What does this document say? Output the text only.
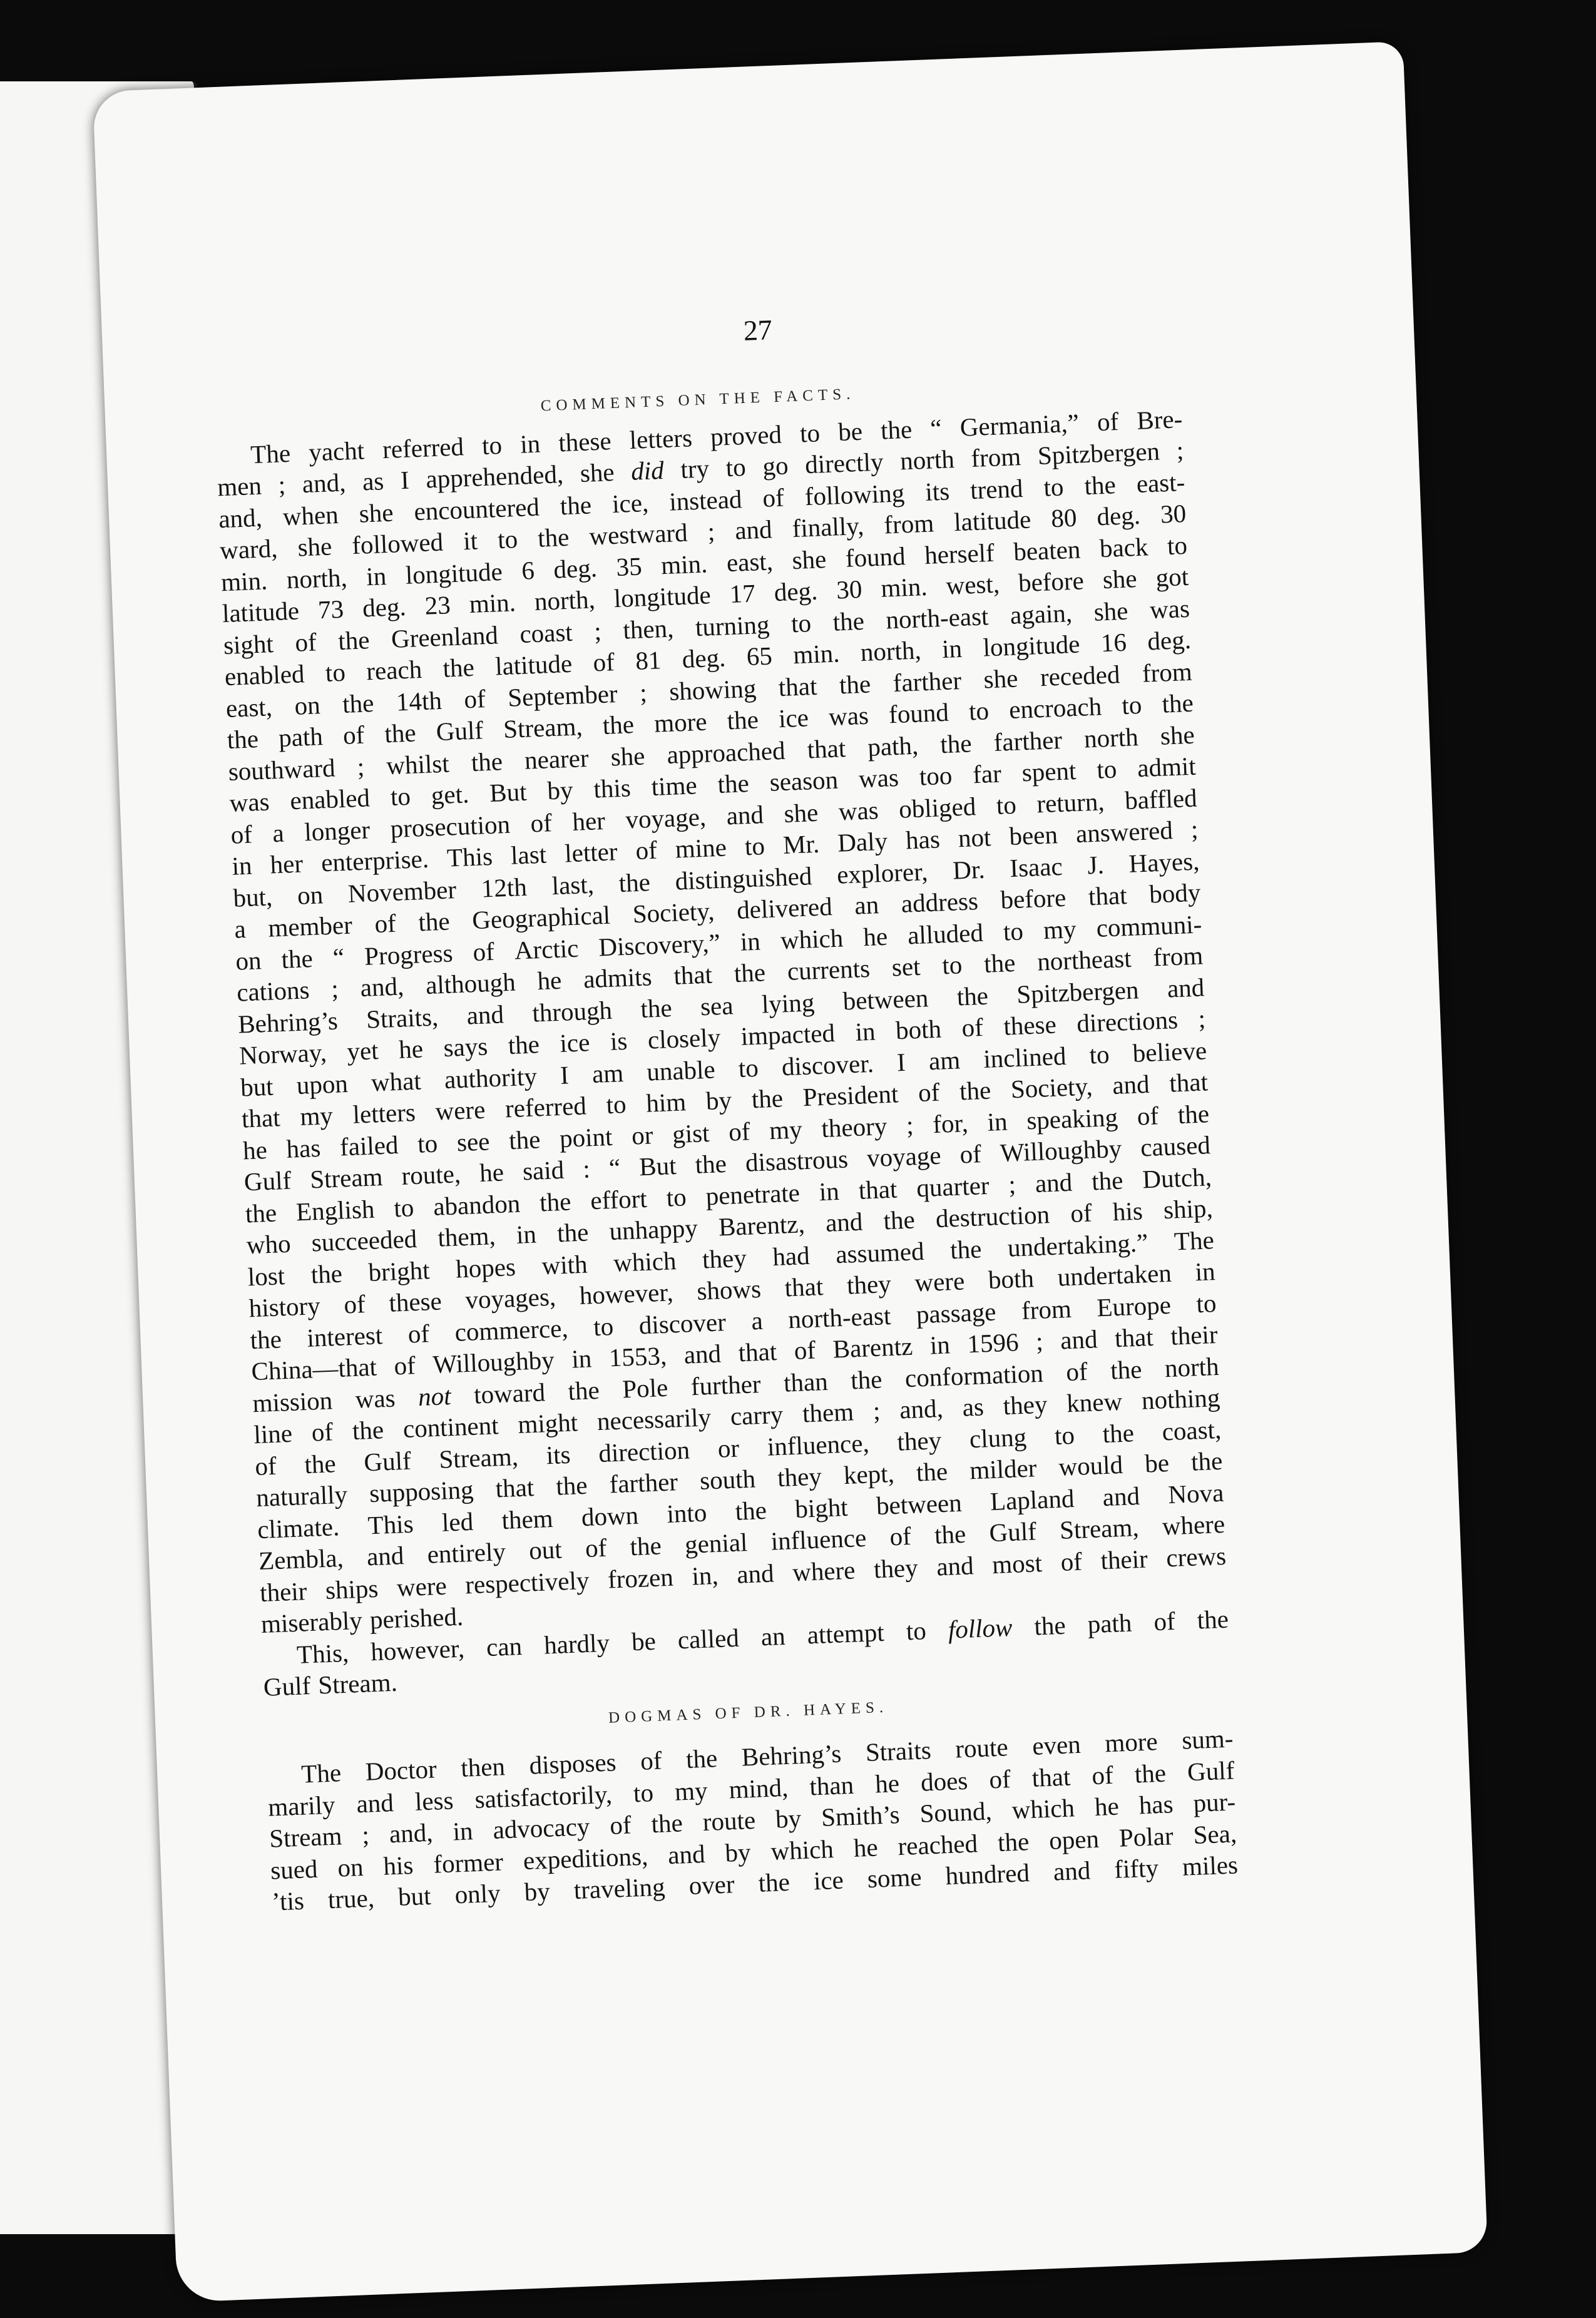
27

COMMENTS ON THE FACTS.

The yacht referred to in these letters proved to be the “ Germania,” of Bre-

men ; and, as I apprehended, she did try to go directly north from Spitzbergen ;

and, when she encountered the ice, instead of following its trend to the east-

ward, she followed it to the westward ; and finally, from latitude 80 deg. 30

min. north, in longitude 6 deg. 35 min. east, she found herself beaten back to

latitude 73 deg. 23 min. north, longitude 17 deg. 30 min. west, before she got

sight of the Greenland coast ; then, turning to the north-east again, she was

enabled to reach the latitude of 81 deg. 65 min. north, in longitude 16 deg.

east, on the 14th of September ; showing that the farther she receded from

the path of the Gulf Stream, the more the ice was found to encroach to the

southward ; whilst the nearer she approached that path, the farther north she

was enabled to get. But by this time the season was too far spent to admit

of a longer prosecution of her voyage, and she was obliged to return, baffled

in her enterprise. This last letter of mine to Mr. Daly has not been answered ;

but, on November 12th last, the distinguished explorer, Dr. Isaac J. Hayes,

a member of the Geographical Society, delivered an address before that body

on the “ Progress of Arctic Discovery,” in which he alluded to my communi-

cations ; and, although he admits that the currents set to the northeast from

Behring’s Straits, and through the sea lying between the Spitzbergen and

Norway, yet he says the ice is closely impacted in both of these directions ;

but upon what authority I am unable to discover. I am inclined to believe

that my letters were referred to him by the President of the Society, and that

he has failed to see the point or gist of my theory ; for, in speaking of the

Gulf Stream route, he said : “ But the disastrous voyage of Willoughby caused

the English to abandon the effort to penetrate in that quarter ; and the Dutch,

who succeeded them, in the unhappy Barentz, and the destruction of his ship,

lost the bright hopes with which they had assumed the undertaking.” The

history of these voyages, however, shows that they were both undertaken in

the interest of commerce, to discover a north-east passage from Europe to

China—that of Willoughby in 1553, and that of Barentz in 1596 ; and that their

mission was not toward the Pole further than the conformation of the north

line of the continent might necessarily carry them ; and, as they knew nothing

of the Gulf Stream, its direction or influence, they clung to the coast,

naturally supposing that the farther south they kept, the milder would be the

climate. This led them down into the bight between Lapland and Nova

Zembla, and entirely out of the genial influence of the Gulf Stream, where

their ships were respectively frozen in, and where they and most of their crews

miserably perished.

This, however, can hardly be called an attempt to follow the path of the

Gulf Stream.

DOGMAS OF DR. HAYES.

The Doctor then disposes of the Behring’s Straits route even more sum-

marily and less satisfactorily, to my mind, than he does of that of the Gulf

Stream ; and, in advocacy of the route by Smith’s Sound, which he has pur-

sued on his former expeditions, and by which he reached the open Polar Sea,

’tis true, but only by traveling over the ice some hundred and fifty miles
